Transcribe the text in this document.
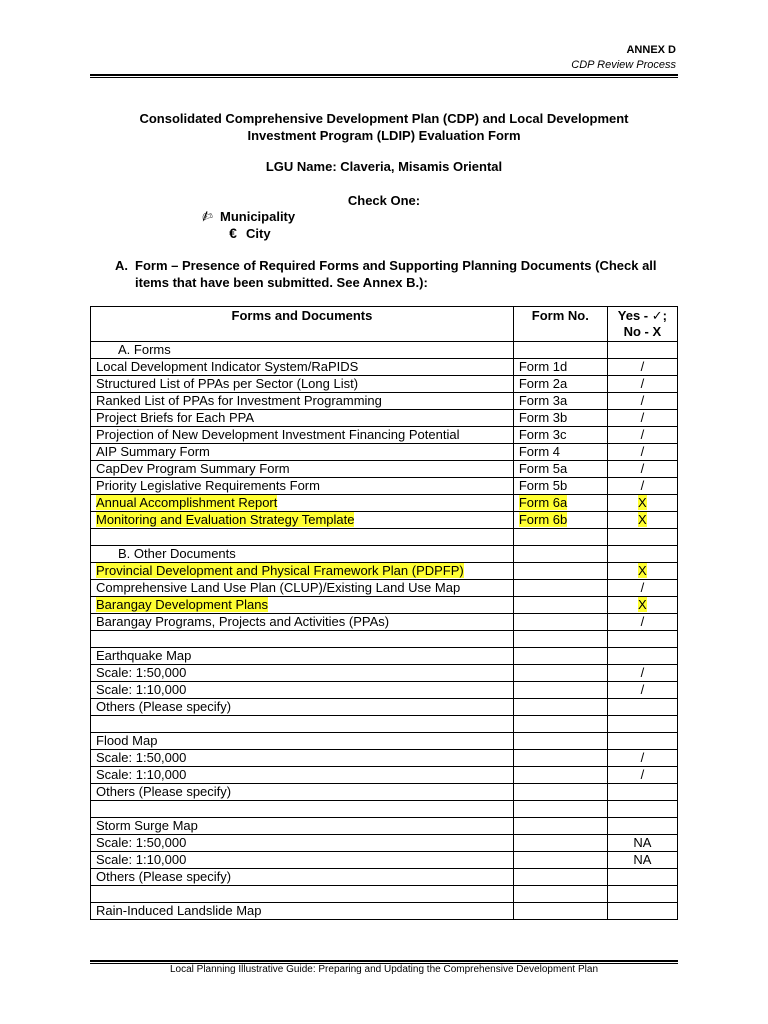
ANNEX D
CDP Review Process
Consolidated Comprehensive Development Plan (CDP) and Local Development
Investment Program (LDIP) Evaluation Form
LGU Name: Claveria, Misamis Oriental
Check One:
✍ Municipality
€ City
A. Form – Presence of Required Forms and Supporting Planning Documents (Check all items that have been submitted. See Annex B.):
Forms and Documents	Form No.	Yes - ✓;
No - X

A. Forms		
Local Development Indicator System/RaPIDS	Form 1d	/
Structured List of PPAs per Sector (Long List)	Form 2a	/
Ranked List of PPAs for Investment Programming	Form 3a	/
Project Briefs for Each PPA	Form 3b	/
Projection of New Development Investment Financing Potential	Form 3c	/
AIP Summary Form	Form 4	/
CapDev Program Summary Form	Form 5a	/
Priority Legislative Requirements Form	Form 5b	/
Annual Accomplishment Report	Form 6a	X
Monitoring and Evaluation Strategy Template	Form 6b	X

B. Other Documents		
Provincial Development and Physical Framework Plan (PDPFP)		X
Comprehensive Land Use Plan (CLUP)/Existing Land Use Map		/
Barangay Development Plans		X
Barangay Programs, Projects and Activities (PPAs)		/

Earthquake Map		
Scale: 1:50,000		/
Scale: 1:10,000		/
Others (Please specify)		

Flood Map		
Scale: 1:50,000		/
Scale: 1:10,000		/
Others (Please specify)		

Storm Surge Map		
Scale: 1:50,000		NA
Scale: 1:10,000		NA
Others (Please specify)		

Rain-Induced Landslide Map		
Local Planning Illustrative Guide: Preparing and Updating the Comprehensive Development Plan
